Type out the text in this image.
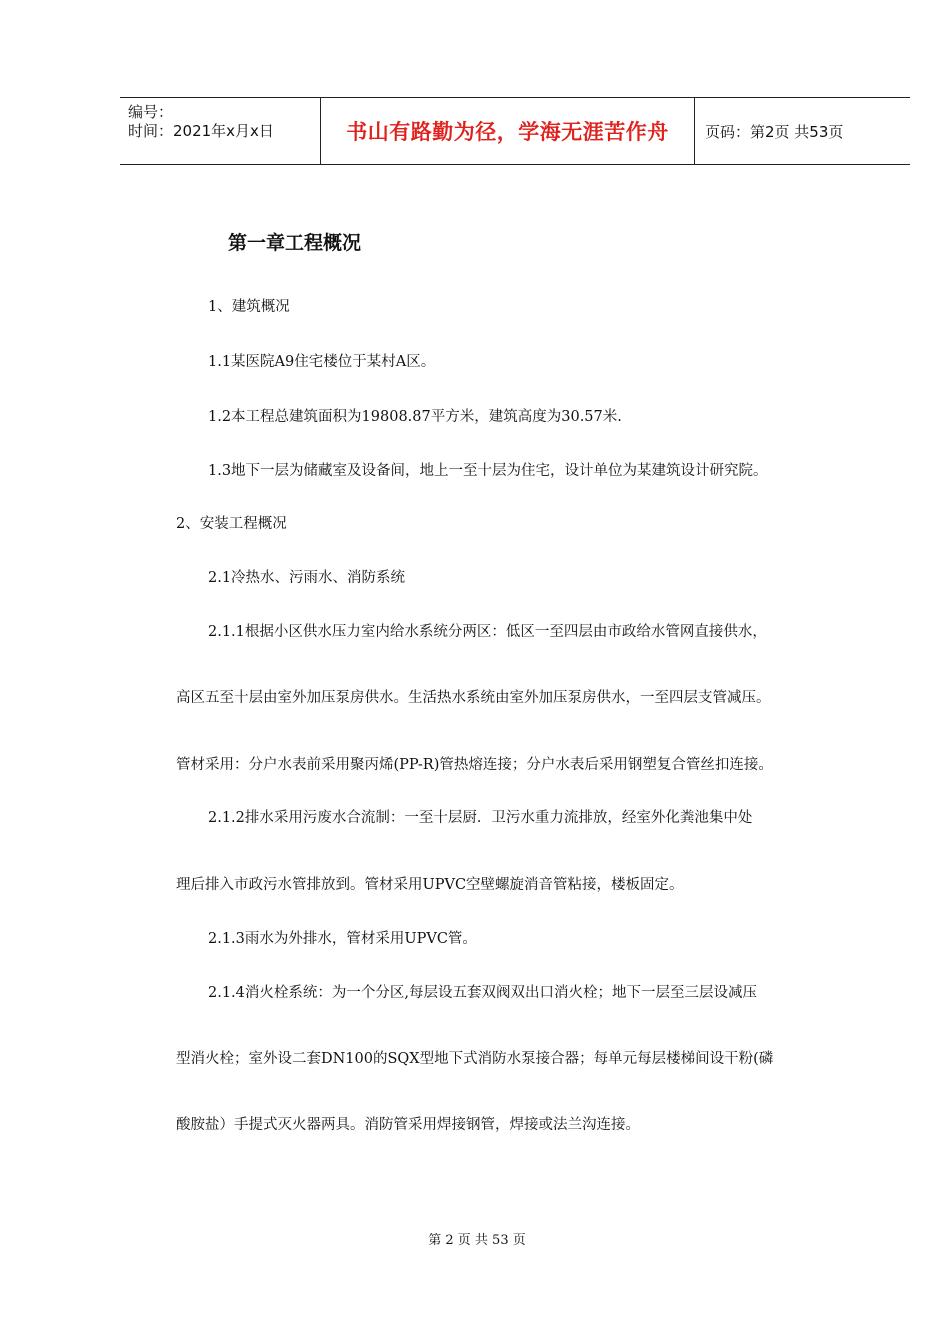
编号：
时间：2021年x月x日	书山有路勤为径，学海无涯苦作舟 页码：第2页 共53页
第一章工程概况
1、建筑概况
1.1某医院A9住宅楼位于某村A区。
1.2本工程总建筑面积为19808.87平方米，建筑高度为30.57米.
1.3地下一层为储藏室及设备间，地上一至十层为住宅，设计单位为某建筑设计研究院。
2、安装工程概况
2.1冷热水、污雨水、消防系统
2.1.1根据小区供水压力室内给水系统分两区：低区一至四层由市政给水管网直接供水，
高区五至十层由室外加压泵房供水。生活热水系统由室外加压泵房供水，一至四层支管减压。
管材采用：分户水表前采用聚丙烯(PP-R)管热熔连接；分户水表后采用钢塑复合管丝扣连接。
2.1.2排水采用污废水合流制：一至十层厨．卫污水重力流排放，经室外化粪池集中处
理后排入市政污水管排放到。管材采用UPVC空壁螺旋消音管粘接，楼板固定。
2.1.3雨水为外排水，管材采用UPVC管。
2.1.4消火栓系统：为一个分区,每层设五套双阀双出口消火栓；地下一层至三层设减压
型消火栓；室外设二套DN100的SQX型地下式消防水泵接合器；每单元每层楼梯间设干粉(磷
酸胺盐）手提式灭火器两具。消防管采用焊接钢管，焊接或法兰沟连接。
第 2 页 共 53 页
